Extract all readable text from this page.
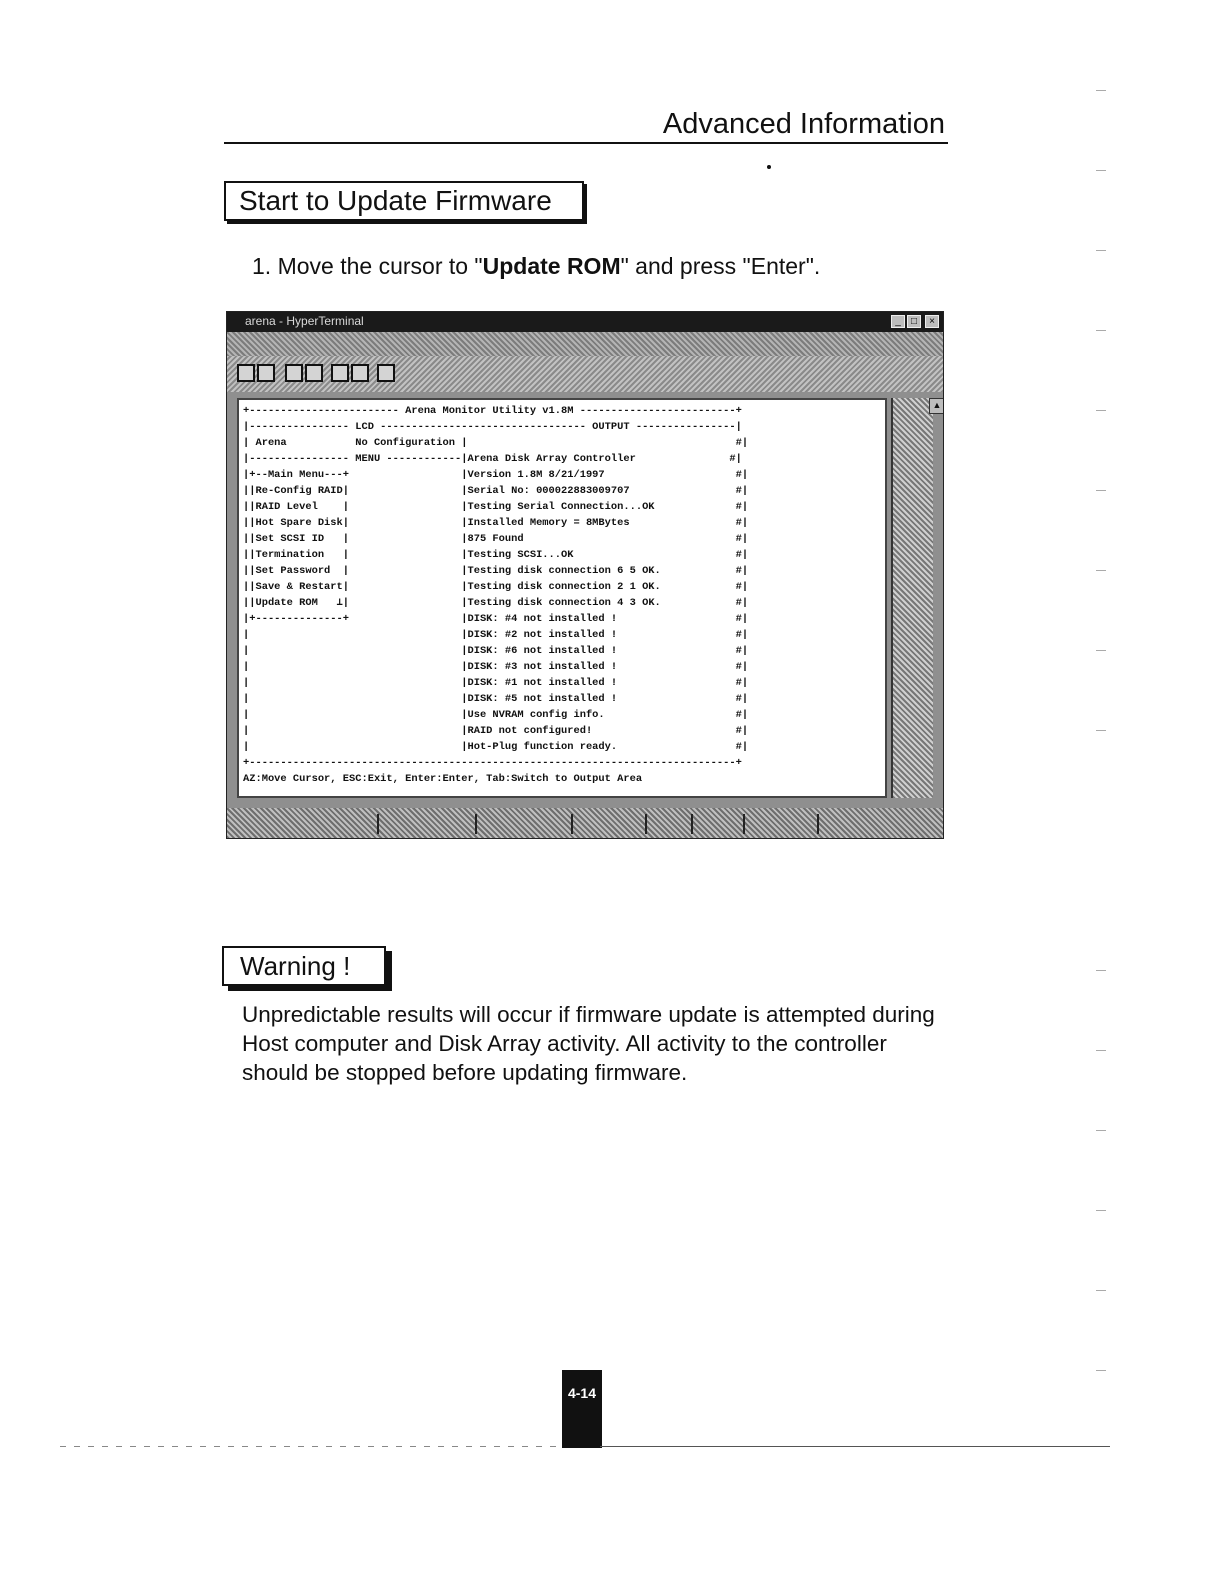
Advanced Information
Start to Update Firmware
1. Move the cursor to "Update ROM" and press "Enter".
arena - HyperTerminal	_	□	×
+------------------------ Arena Monitor Utility v1.8M -------------------------+
|---------------- LCD --------------------------------- OUTPUT ----------------|
| Arena           No Configuration |                                           #|
|---------------- MENU ------------|Arena Disk Array Controller               #|
|+--Main Menu---+                  |Version 1.8M 8/21/1997                     #|
||Re-Config RAID|                  |Serial No: 000022883009707                 #|
||RAID Level    |                  |Testing Serial Connection...OK             #|
||Hot Spare Disk|                  |Installed Memory = 8MBytes                 #|
||Set SCSI ID   |                  |875 Found                                  #|
||Termination   |                  |Testing SCSI...OK                          #|
||Set Password  |                  |Testing disk connection 6 5 OK.            #|
||Save & Restart|                  |Testing disk connection 2 1 OK.            #|
||Update ROM   ⊥|                  |Testing disk connection 4 3 OK.            #|
|+--------------+                  |DISK: #4 not installed !                   #|
|                                  |DISK: #2 not installed !                   #|
|                                  |DISK: #6 not installed !                   #|
|                                  |DISK: #3 not installed !                   #|
|                                  |DISK: #1 not installed !                   #|
|                                  |DISK: #5 not installed !                   #|
|                                  |Use NVRAM config info.                     #|
|                                  |RAID not configured!                       #|
|                                  |Hot-Plug function ready.                   #|
+------------------------------------------------------------------------------+
AZ:Move Cursor, ESC:Exit, Enter:Enter, Tab:Switch to Output Area
▲
Warning !
Unpredictable results will occur if firmware update is attempted during Host computer and Disk Array activity. All activity to the controller should be stopped before updating firmware.
4-14
